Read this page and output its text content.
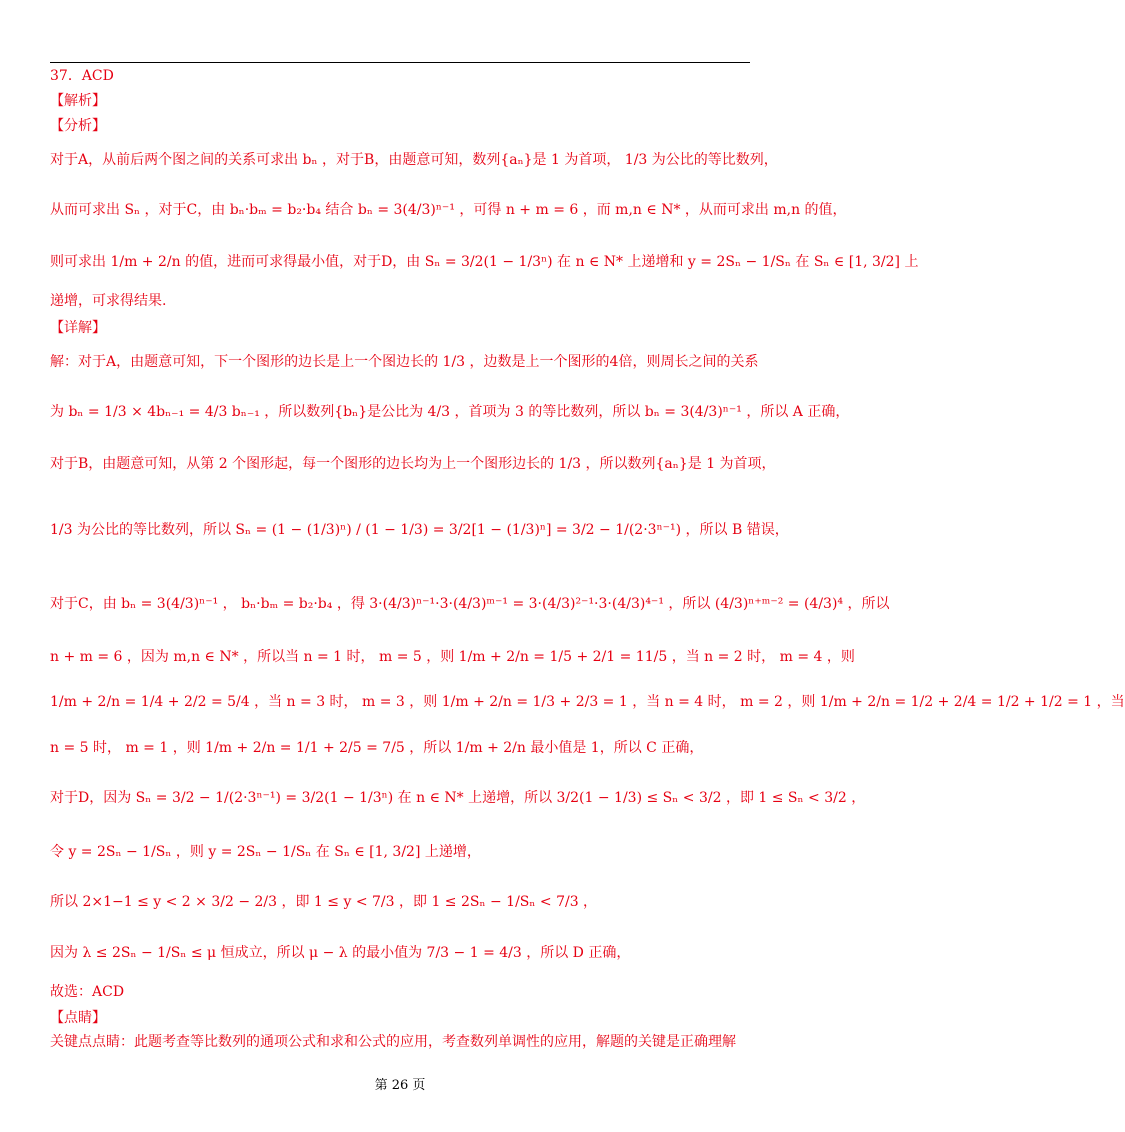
37．ACD
【解析】
【分析】
对于A，从前后两个图之间的关系可求出 bₙ ，对于B，由题意可知，数列{aₙ}是 1 为首项， 1/3 为公比的等比数列，
从而可求出 Sₙ ，对于C，由 bₙ·bₘ = b₂·b₄ 结合 bₙ = 3(4/3)ⁿ⁻¹ ，可得 n + m = 6 ，而 m,n ∈ N* ，从而可求出 m,n 的值，
则可求出 1/m + 2/n 的值，进而可求得最小值，对于D，由 Sₙ = 3/2(1 − 1/3ⁿ) 在 n ∈ N* 上递增和 y = 2Sₙ − 1/Sₙ 在 Sₙ ∈ [1, 3/2] 上
递增，可求得结果.
【详解】
解：对于A，由题意可知，下一个图形的边长是上一个图边长的 1/3 ，边数是上一个图形的4倍，则周长之间的关系
为 bₙ = 1/3 × 4bₙ₋₁ = 4/3 bₙ₋₁ ，所以数列{bₙ}是公比为 4/3 ，首项为 3 的等比数列，所以 bₙ = 3(4/3)ⁿ⁻¹ ，所以 A 正确，
对于B，由题意可知，从第 2 个图形起，每一个图形的边长均为上一个图形边长的 1/3 ，所以数列{aₙ}是 1 为首项，
1/3 为公比的等比数列，所以 Sₙ = (1 − (1/3)ⁿ) / (1 − 1/3) = 3/2[1 − (1/3)ⁿ] = 3/2 − 1/(2·3ⁿ⁻¹) ，所以 B 错误，
对于C，由 bₙ = 3(4/3)ⁿ⁻¹ ， bₙ·bₘ = b₂·b₄ ，得 3·(4/3)ⁿ⁻¹·3·(4/3)ᵐ⁻¹ = 3·(4/3)²⁻¹·3·(4/3)⁴⁻¹ ，所以 (4/3)ⁿ⁺ᵐ⁻² = (4/3)⁴ ，所以
n + m = 6 ，因为 m,n ∈ N* ，所以当 n = 1 时， m = 5 ，则 1/m + 2/n = 1/5 + 2/1 = 11/5 ，当 n = 2 时， m = 4 ，则
1/m + 2/n = 1/4 + 2/2 = 5/4 ，当 n = 3 时， m = 3 ，则 1/m + 2/n = 1/3 + 2/3 = 1 ，当 n = 4 时， m = 2 ，则 1/m + 2/n = 1/2 + 2/4 = 1/2 + 1/2 = 1 ，当
n = 5 时， m = 1 ，则 1/m + 2/n = 1/1 + 2/5 = 7/5 ，所以 1/m + 2/n 最小值是 1，所以 C 正确，
对于D，因为 Sₙ = 3/2 − 1/(2·3ⁿ⁻¹) = 3/2(1 − 1/3ⁿ) 在 n ∈ N* 上递增，所以 3/2(1 − 1/3) ≤ Sₙ < 3/2 ，即 1 ≤ Sₙ < 3/2 ，
令 y = 2Sₙ − 1/Sₙ ，则 y = 2Sₙ − 1/Sₙ 在 Sₙ ∈ [1, 3/2] 上递增，
所以 2×1−1 ≤ y < 2 × 3/2 − 2/3 ，即 1 ≤ y < 7/3 ，即 1 ≤ 2Sₙ − 1/Sₙ < 7/3 ，
因为 λ ≤ 2Sₙ − 1/Sₙ ≤ μ 恒成立，所以 μ − λ 的最小值为 7/3 − 1 = 4/3 ，所以 D 正确，
故选：ACD
【点睛】
关键点点睛：此题考查等比数列的通项公式和求和公式的应用，考查数列单调性的应用，解题的关键是正确理解
第 26 页
